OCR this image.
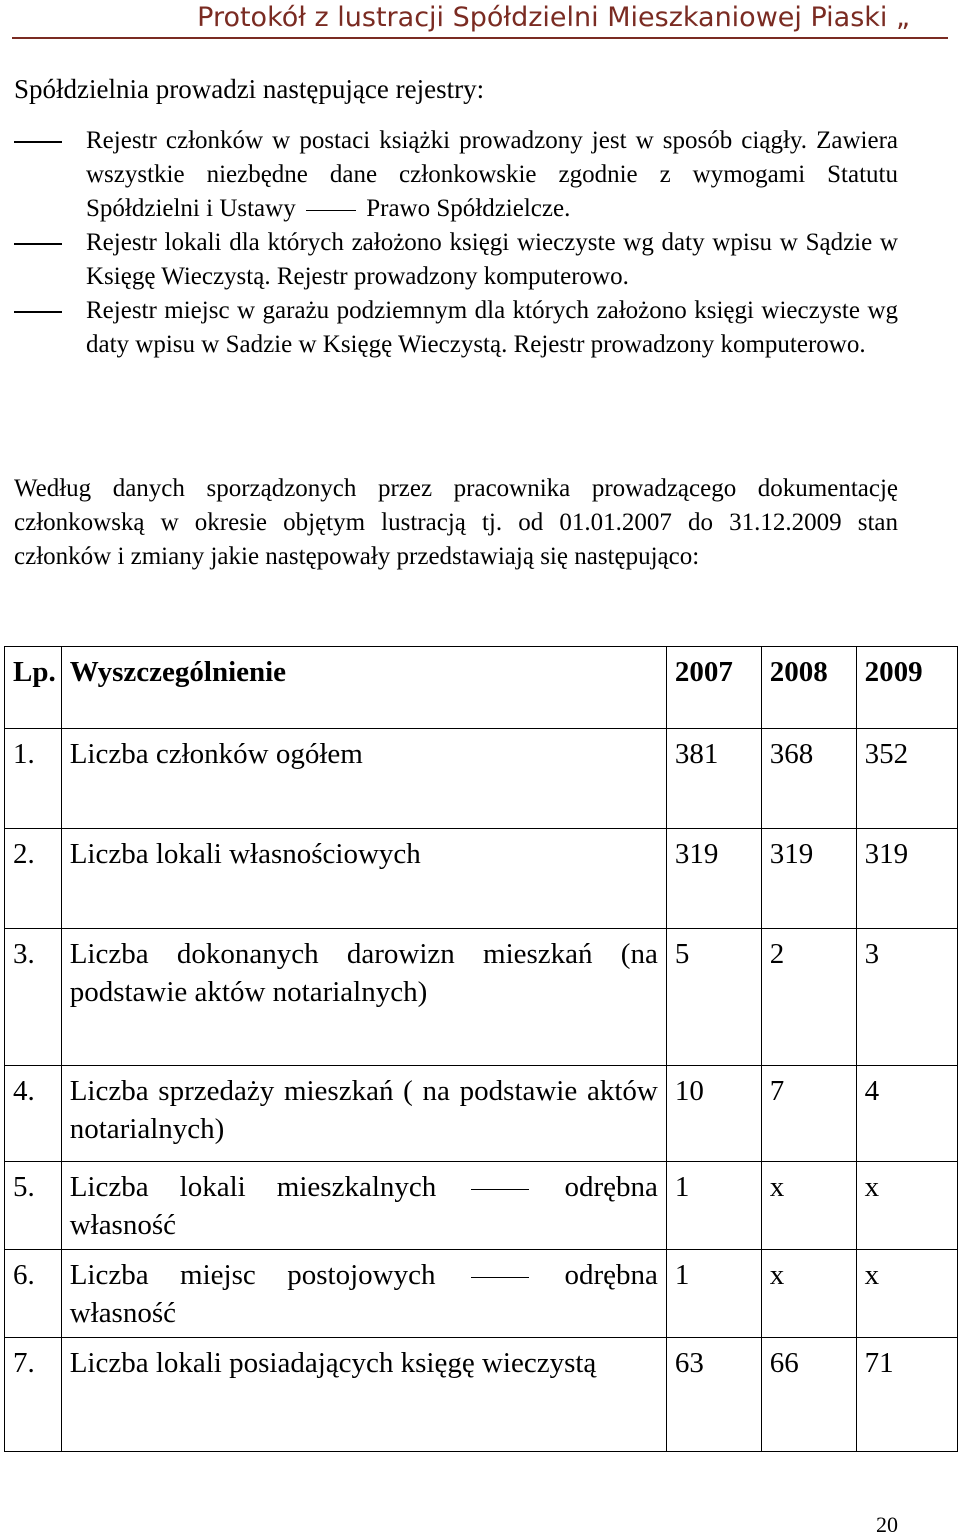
Protokół z lustracji Spółdzielni Mieszkaniowej Piaski „
Spółdzielnia prowadzi następujące rejestry:
Rejestr członków w postaci książki prowadzony jest w sposób ciągły. Zawiera wszystkie niezbędne dane członkowskie zgodnie z wymogami Statutu Spółdzielni i Ustawy	Prawo Spółdzielcze.
Rejestr lokali dla których założono księgi wieczyste wg daty wpisu w Sądzie w Księgę Wieczystą. Rejestr prowadzony komputerowo.
Rejestr miejsc w garażu podziemnym dla których założono księgi wieczyste wg daty wpisu w Sadzie w Księgę Wieczystą. Rejestr prowadzony komputerowo.

Według danych sporządzonych przez pracownika prowadzącego dokumentację członkowską w okresie objętym lustracją tj. od 01.01.2007 do 31.12.2009 stan członków i zmiany jakie następowały przedstawiają się następująco:

Lp.	Wyszczególnienie	2007	2008	2009
1.	Liczba członków ogółem	381	368	352
2.	Liczba lokali własnościowych	319	319	319
3.	Liczba dokonanych darowizn mieszkań (na podstawie aktów notarialnych)	5	2	3
4.	Liczba sprzedaży mieszkań ( na podstawie aktów notarialnych)	10	7	4
5.	Liczba lokali mieszkalnych odrębna własność	1	x	x
6.	Liczba miejsc postojowych odrębna własność	1	x	x
7.	Liczba lokali posiadających księgę wieczystą	63	66	71
20
